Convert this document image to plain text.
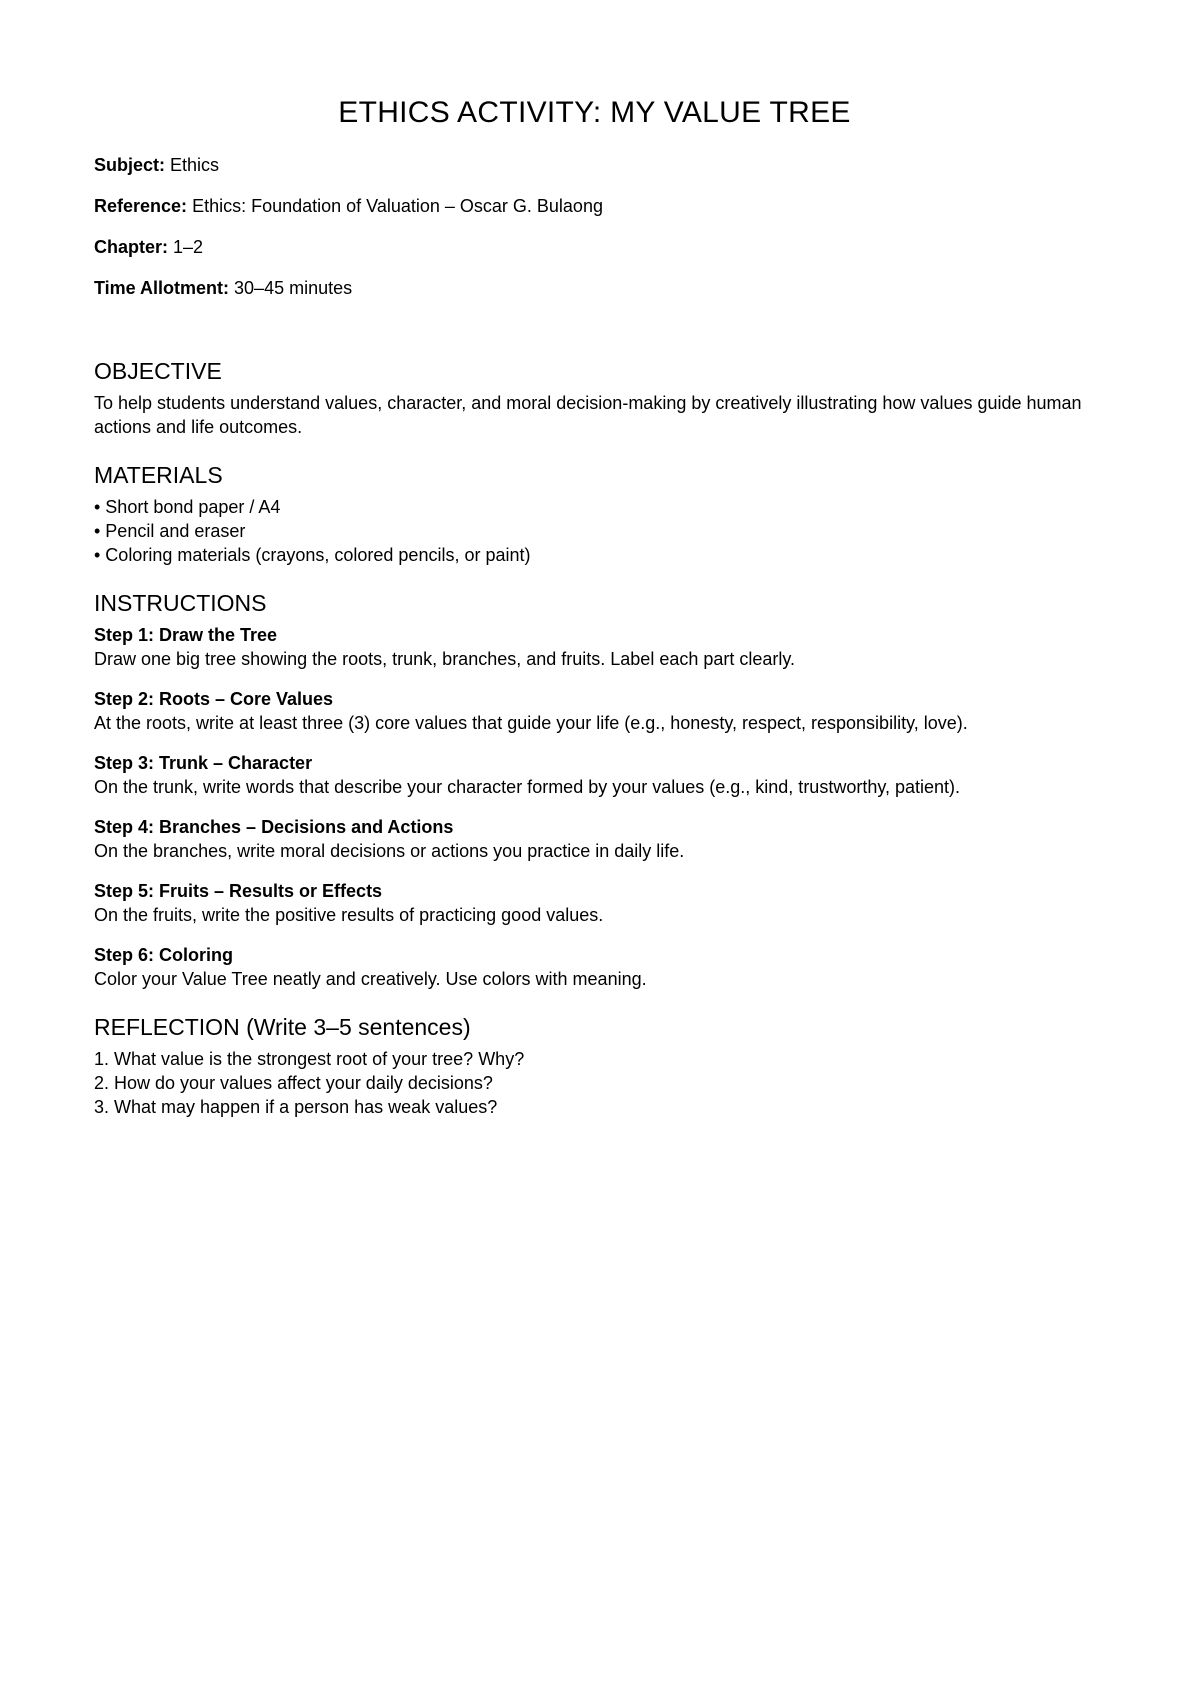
ETHICS ACTIVITY: MY VALUE TREE

Subject: Ethics

Reference: Ethics: Foundation of Valuation – Oscar G. Bulaong

Chapter: 1–2

Time Allotment: 30–45 minutes

OBJECTIVE

To help students understand values, character, and moral decision-making by creatively illustrating how values guide human actions and life outcomes.

MATERIALS
• Short bond paper / A4
• Pencil and eraser
• Coloring materials (crayons, colored pencils, or paint)
INSTRUCTIONS

Step 1: Draw the Tree

Draw one big tree showing the roots, trunk, branches, and fruits. Label each part clearly.

Step 2: Roots – Core Values

At the roots, write at least three (3) core values that guide your life (e.g., honesty, respect, responsibility, love).

Step 3: Trunk – Character

On the trunk, write words that describe your character formed by your values (e.g., kind, trustworthy, patient).

Step 4: Branches – Decisions and Actions

On the branches, write moral decisions or actions you practice in daily life.

Step 5: Fruits – Results or Effects

On the fruits, write the positive results of practicing good values.

Step 6: Coloring

Color your Value Tree neatly and creatively. Use colors with meaning.

REFLECTION (Write 3–5 sentences)
1. What value is the strongest root of your tree? Why?
2. How do your values affect your daily decisions?
3. What may happen if a person has weak values?
